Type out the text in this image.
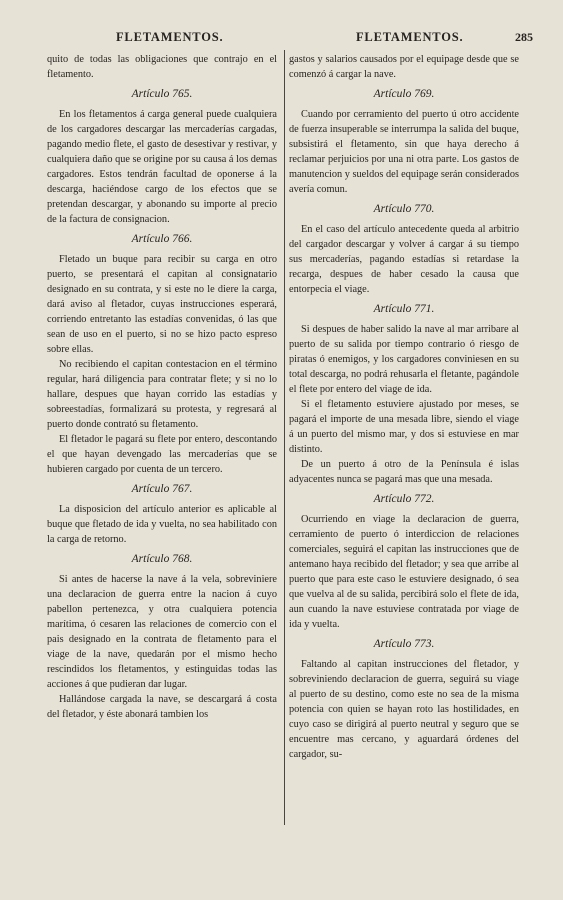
FLETAMENTOS.	FLETAMENTOS.	285

quito de todas las obligaciones que contrajo en el fletamento.

Artículo 765.

En los fletamentos á carga general puede cualquiera de los cargadores descargar las mercaderías cargadas, pagando medio flete, el gasto de desestivar y restivar, y cualquiera daño que se origine por su causa á los demas cargadores. Estos tendrán facultad de oponerse á la descarga, haciéndose cargo de los efectos que se pretendan descargar, y abonando su importe al precio de la factura de consignacion.

Artículo 766.

Fletado un buque para recibir su carga en otro puerto, se presentará el capitan al consignatario designado en su contrata, y si este no le diere la carga, dará aviso al fletador, cuyas instrucciones esperará, corriendo entretanto las estadías convenidas, ó las que sean de uso en el puerto, si no se hizo pacto espreso sobre ellas.

No recibiendo el capitan contestacion en el término regular, hará diligencia para contratar flete; y si no lo hallare, despues que hayan corrido las estadías y sobreestadías, formalizará su protesta, y regresará al puerto donde contrató su fletamento.

El fletador le pagará su flete por entero, descontando el que hayan devengado las mercaderías que se hubieren cargado por cuenta de un tercero.

Artículo 767.

La disposicion del artículo anterior es aplicable al buque que fletado de ida y vuelta, no sea habilitado con la carga de retorno.

Artículo 768.

Si antes de hacerse la nave á la vela, sobreviniere una declaracion de guerra entre la nacion á cuyo pabellon pertenezca, y otra cualquiera potencia marítima, ó cesaren las relaciones de comercio con el pais designado en la contrata de fletamento para el viage de la nave, quedarán por el mismo hecho rescindidos los fletamentos, y estinguidas todas las acciones á que pudieran dar lugar.

Hallándose cargada la nave, se descargará á costa del fletador, y éste abonará tambien los

gastos y salarios causados por el equipage desde que se comenzó á cargar la nave.

Artículo 769.

Cuando por cerramiento del puerto ú otro accidente de fuerza insuperable se interrumpa la salida del buque, subsistirá el fletamento, sin que haya derecho á reclamar perjuicios por una ni otra parte. Los gastos de manutencion y sueldos del equipage serán considerados avería comun.

Artículo 770.

En el caso del artículo antecedente queda al arbitrio del cargador descargar y volver á cargar á su tiempo sus mercaderías, pagando estadías si retardase la recarga, despues de haber cesado la causa que entorpecia el viage.

Artículo 771.

Si despues de haber salido la nave al mar arribare al puerto de su salida por tiempo contrario ó riesgo de piratas ó enemigos, y los cargadores conviniesen en su total descarga, no podrá rehusarla el fletante, pagándole el flete por entero del viage de ida.

Si el fletamento estuviere ajustado por meses, se pagará el importe de una mesada libre, siendo el viage á un puerto del mismo mar, y dos si estuviese en mar distinto.

De un puerto á otro de la Península é islas adyacentes nunca se pagará mas que una mesada.

Artículo 772.

Ocurriendo en viage la declaracion de guerra, cerramiento de puerto ó interdiccion de relaciones comerciales, seguirá el capitan las instrucciones que de antemano haya recibido del fletador; y sea que arribe al puerto que para este caso le estuviere designado, ó sea que vuelva al de su salida, percibirá solo el flete de ida, aun cuando la nave estuviese contratada por viage de ida y vuelta.

Artículo 773.

Faltando al capitan instrucciones del fletador, y sobreviniendo declaracion de guerra, seguirá su viage al puerto de su destino, como este no sea de la misma potencia con quien se hayan roto las hostilidades, en cuyo caso se dirigirá al puerto neutral y seguro que se encuentre mas cercano, y aguardará órdenes del cargador, su-
